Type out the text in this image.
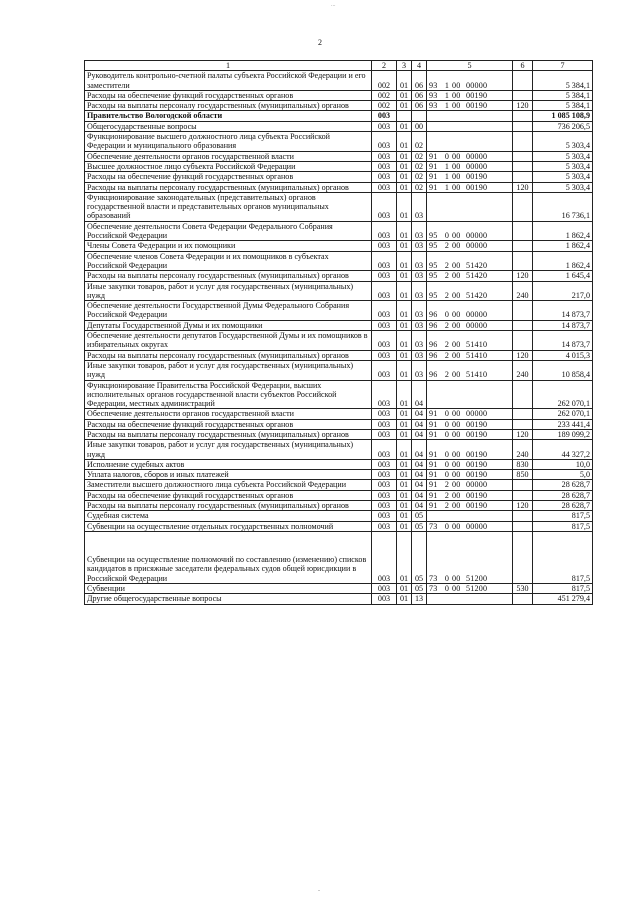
...
2
1	2	3	4	5	6	7
Руководитель контрольно-счетной палаты субъекта Российской Федерации и его заместители	002	01	06	93 1 00 00000		5 384,1
Расходы на обеспечение функций государственных органов	002	01	06	93 1 00 00190		5 384,1
Расходы на выплаты персоналу государственных (муниципальных) органов	002	01	06	93 1 00 00190	120	5 384,1
Правительство Вологодской области	003					1 085 108,9
Общегосударственные вопросы	003	01	00			736 206,5
Функционирование высшего должностного лица субъекта Российской Федерации и муниципального образования	003	01	02			5 303,4
Обеспечение деятельности органов государственной власти	003	01	02	91 0 00 00000		5 303,4
Высшее должностное лицо субъекта Российской Федерации	003	01	02	91 1 00 00000		5 303,4
Расходы на обеспечение функций государственных органов	003	01	02	91 1 00 00190		5 303,4
Расходы на выплаты персоналу государственных (муниципальных) органов	003	01	02	91 1 00 00190	120	5 303,4
Функционирование законодательных (представительных) органов государственной власти и представительных органов муниципальных образований	003	01	03			16 736,1
Обеспечение деятельности Совета Федерации Федерального Собрания Российской Федерации	003	01	03	95 0 00 00000		1 862,4
Члены Совета Федерации и их помощники	003	01	03	95 2 00 00000		1 862,4
Обеспечение членов Совета Федерации и их помощников в субъектах Российской Федерации	003	01	03	95 2 00 51420		1 862,4
Расходы на выплаты персоналу государственных (муниципальных) органов	003	01	03	95 2 00 51420	120	1 645,4
Иные закупки товаров, работ и услуг для государственных (муниципальных) нужд	003	01	03	95 2 00 51420	240	217,0
Обеспечение деятельности Государственной Думы Федерального Собрания Российской Федерации	003	01	03	96 0 00 00000		14 873,7
Депутаты Государственной Думы и их помощники	003	01	03	96 2 00 00000		14 873,7
Обеспечение деятельности депутатов Государственной Думы и их помощников в избирательных округах	003	01	03	96 2 00 51410		14 873,7
Расходы на выплаты персоналу государственных (муниципальных) органов	003	01	03	96 2 00 51410	120	4 015,3
Иные закупки товаров, работ и услуг для государственных (муниципальных) нужд	003	01	03	96 2 00 51410	240	10 858,4
Функционирование Правительства Российской Федерации, высших исполнительных органов государственной власти субъектов Российской Федерации, местных администраций	003	01	04			262 070,1
Обеспечение деятельности органов государственной власти	003	01	04	91 0 00 00000		262 070,1
Расходы на обеспечение функций государственных органов	003	01	04	91 0 00 00190		233 441,4
Расходы на выплаты персоналу государственных (муниципальных) органов	003	01	04	91 0 00 00190	120	189 099,2
Иные закупки товаров, работ и услуг для государственных (муниципальных) нужд	003	01	04	91 0 00 00190	240	44 327,2
Исполнение судебных актов	003	01	04	91 0 00 00190	830	10,0
Уплата налогов, сборов и иных платежей	003	01	04	91 0 00 00190	850	5,0
Заместители высшего должностного лица субъекта Российской Федерации	003	01	04	91 2 00 00000		28 628,7
Расходы на обеспечение функций государственных органов	003	01	04	91 2 00 00190		28 628,7
Расходы на выплаты персоналу государственных (муниципальных) органов	003	01	04	91 2 00 00190	120	28 628,7
Судебная система	003	01	05			817,5
Субвенции на осуществление отдельных государственных полномочий	003	01	05	73 0 00 00000		817,5
Субвенции на осуществление полномочий по составлению (изменению) списков кандидатов в присяжные заседатели федеральных судов общей юрисдикции в Российской Федерации	003	01	05	73 0 00 51200		817,5
Субвенции	003	01	05	73 0 00 51200	530	817,5
Другие общегосударственные вопросы	003	01	13			451 279,4
-
